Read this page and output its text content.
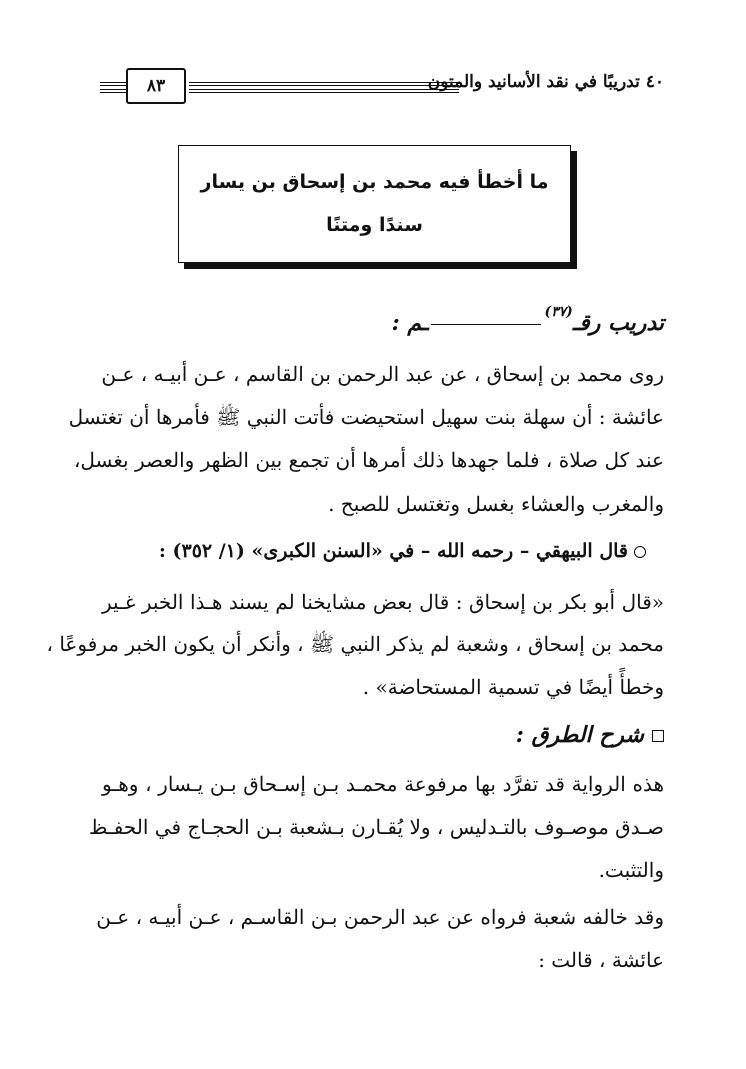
٨٣	٤٠ تدريبًا في نقد الأسانيد والمتون
ما أخطأ فيه محمد بن إسحاق بن يسار
سندًا ومتنًا
تدريب رقـ$^{(٣٧)}$ـم :
روى محمد بن إسحاق ، عن عبد الرحمن بن القاسم ، عـن أبيـه ، عـن
عائشة : أن سهلة بنت سهيل استحيضت فأتت النبي ﷺ فأمرها أن تغتسل
عند كل صلاة ، فلما جهدها ذلك أمرها أن تجمع بين الظهر والعصر بغسل،
والمغرب والعشاء بغسل وتغتسل للصبح .
قال البيهقي – رحمه الله – في «السنن الكبرى» (١/ ٣٥٢) :
«قال أبو بكر بن إسحاق : قال بعض مشايخنا لم يسند هـذا الخبر غـير
محمد بن إسحاق ، وشعبة لم يذكر النبي ﷺ ، وأنكر أن يكون الخبر مرفوعًا ،
وخطأً أيضًا في تسمية المستحاضة» .
شرح الطرق :
هذه الرواية قد تفرَّد بها مرفوعة محمـد بـن إسـحاق بـن يـسار ، وهـو
صـدق موصـوف بالتـدليس ، ولا يُقـارن بـشعبة بـن الحجـاج في الحفـظ
والتثبت.
وقد خالفه شعبة فرواه عن عبد الرحمن بـن القاسـم ، عـن أبيـه ، عـن
عائشة ، قالت :
